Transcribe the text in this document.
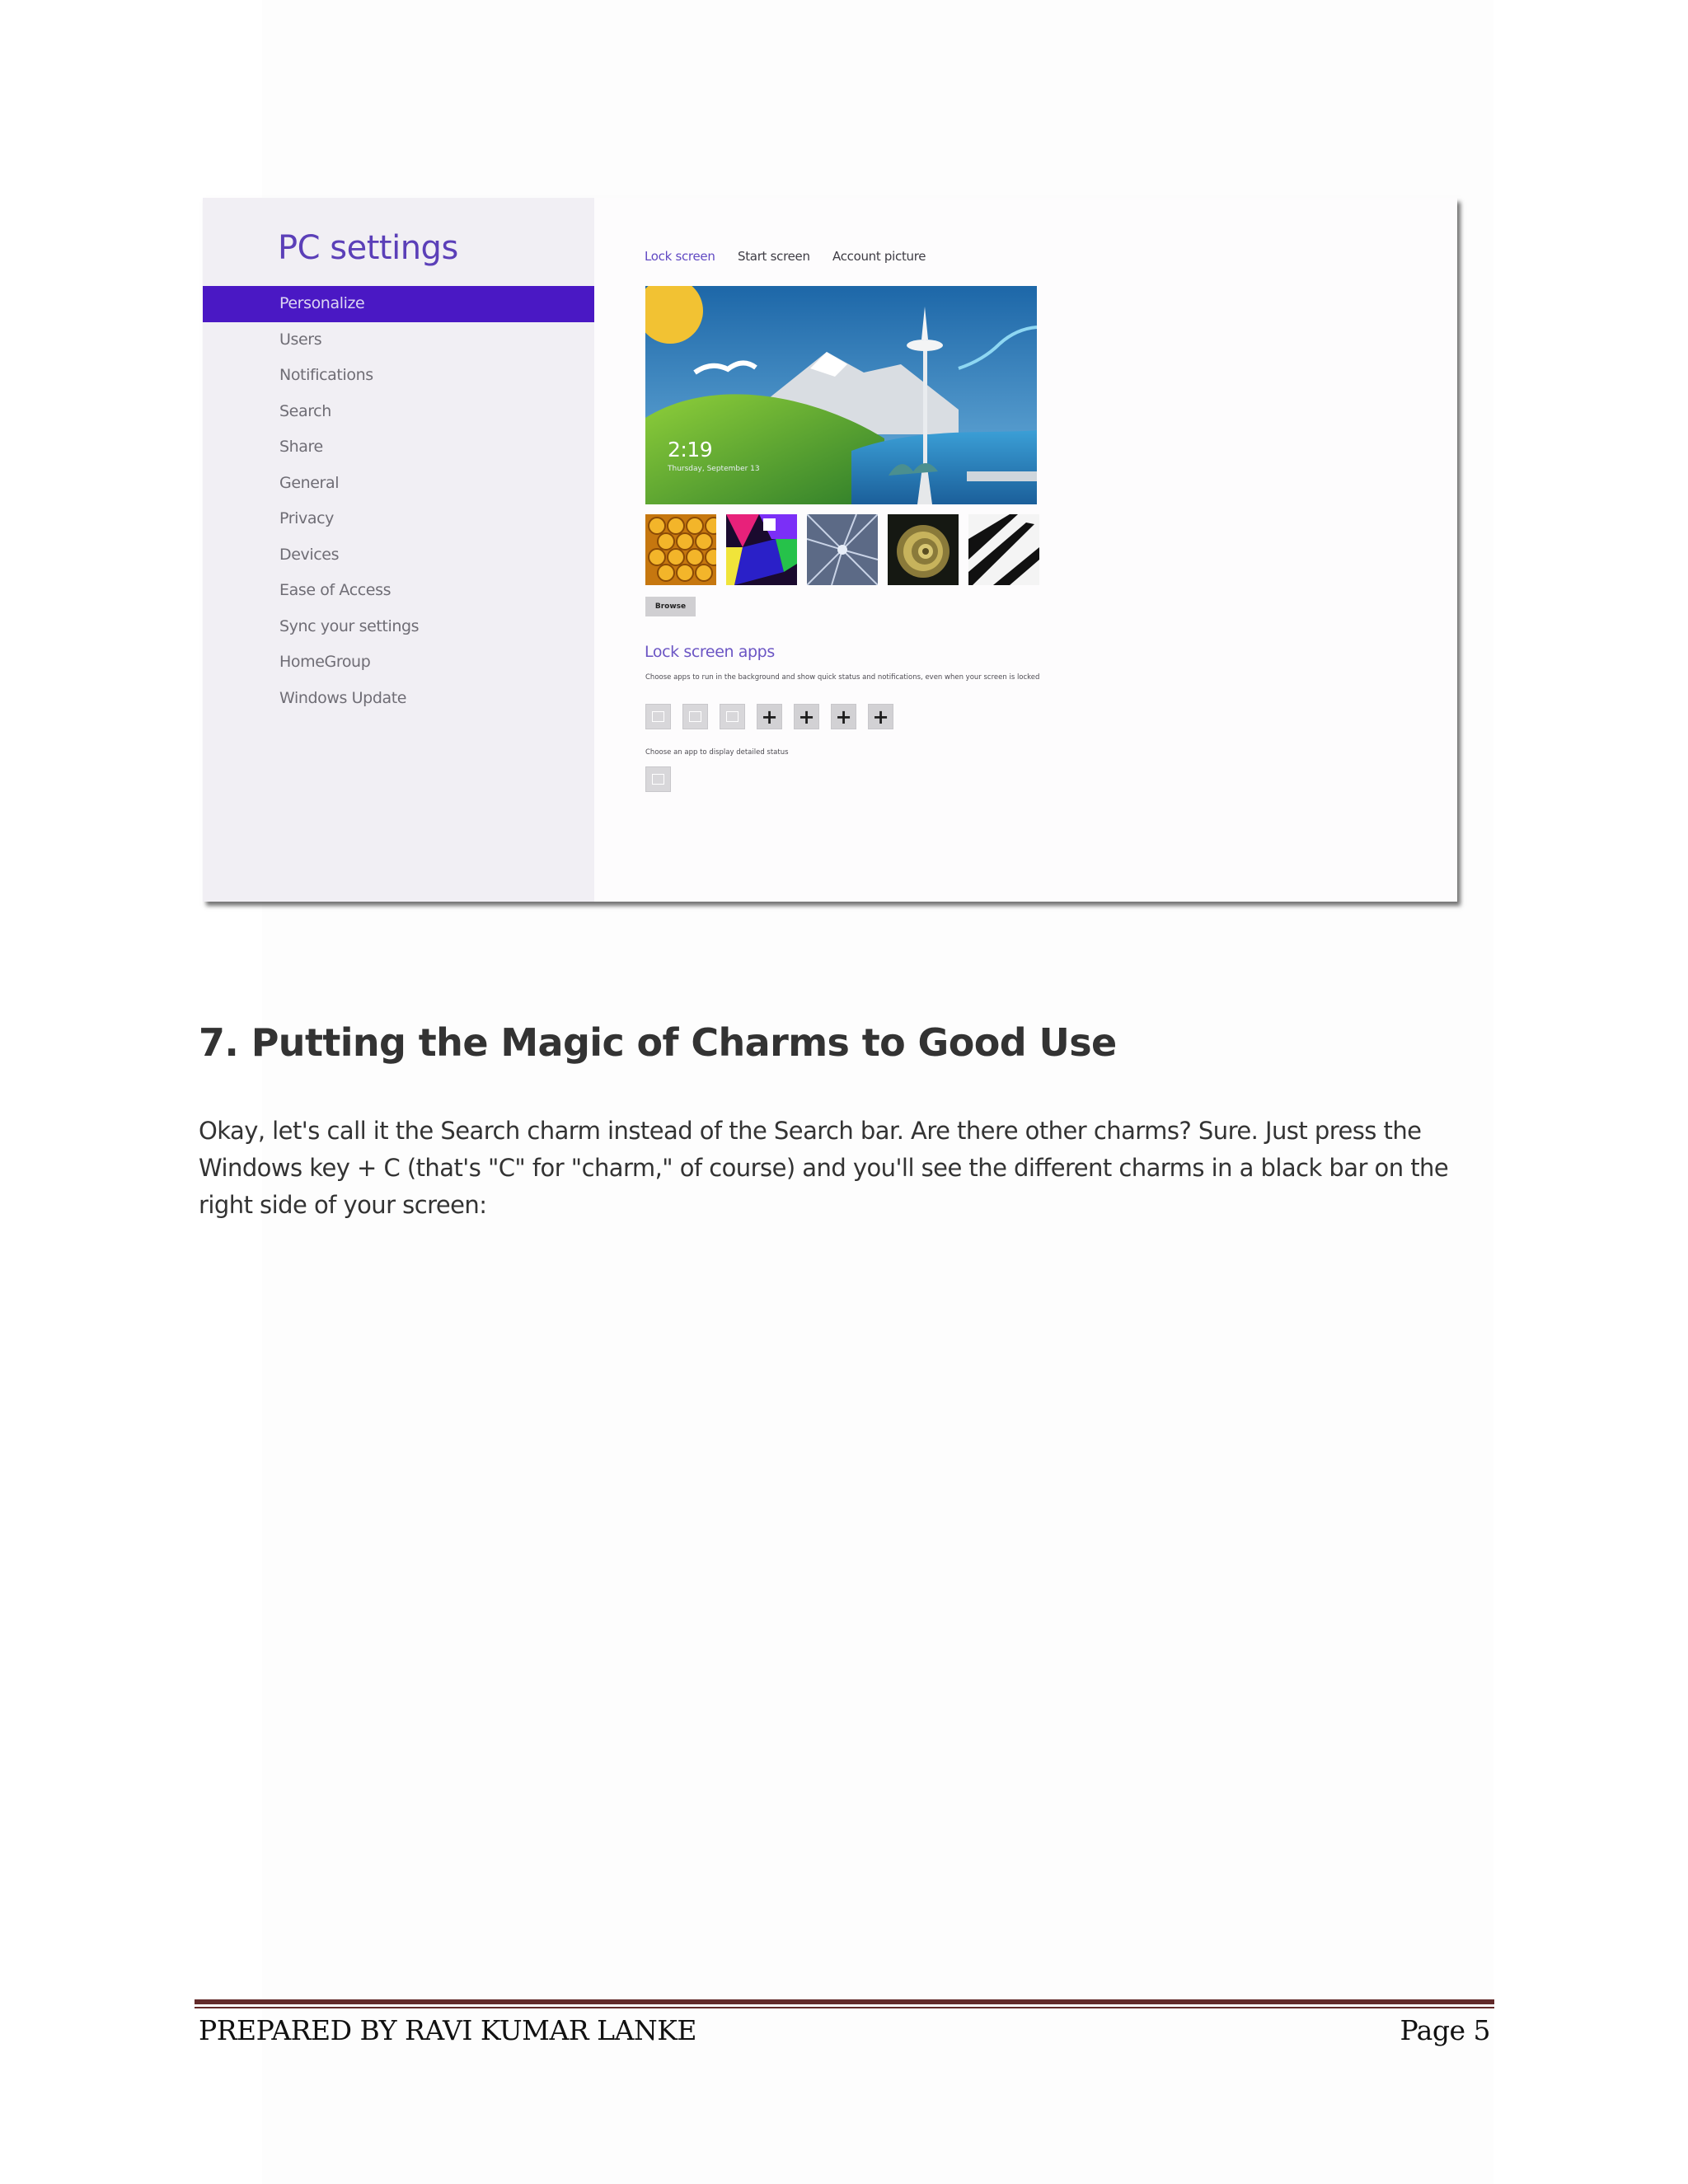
PC settings
Personalize
Users
Notifications
Search
Share
General
Privacy
Devices
Ease of Access
Sync your settings
HomeGroup
Windows Update
Lock screen Start screen Account picture
2:19
Thursday, September 13
Browse
Lock screen apps
Choose apps to run in the background and show quick status and notifications, even when your screen is locked
+ + + +
Choose an app to display detailed status
7. Putting the Magic of Charms to Good Use

Okay, let's call it the Search charm instead of the Search bar. Are there other charms? Sure. Just press the Windows key + C (that's "C" for "charm," of course) and you'll see the different charms in a black bar on the right side of your screen:

PREPARED BY RAVI KUMAR LANKE	Page 5
